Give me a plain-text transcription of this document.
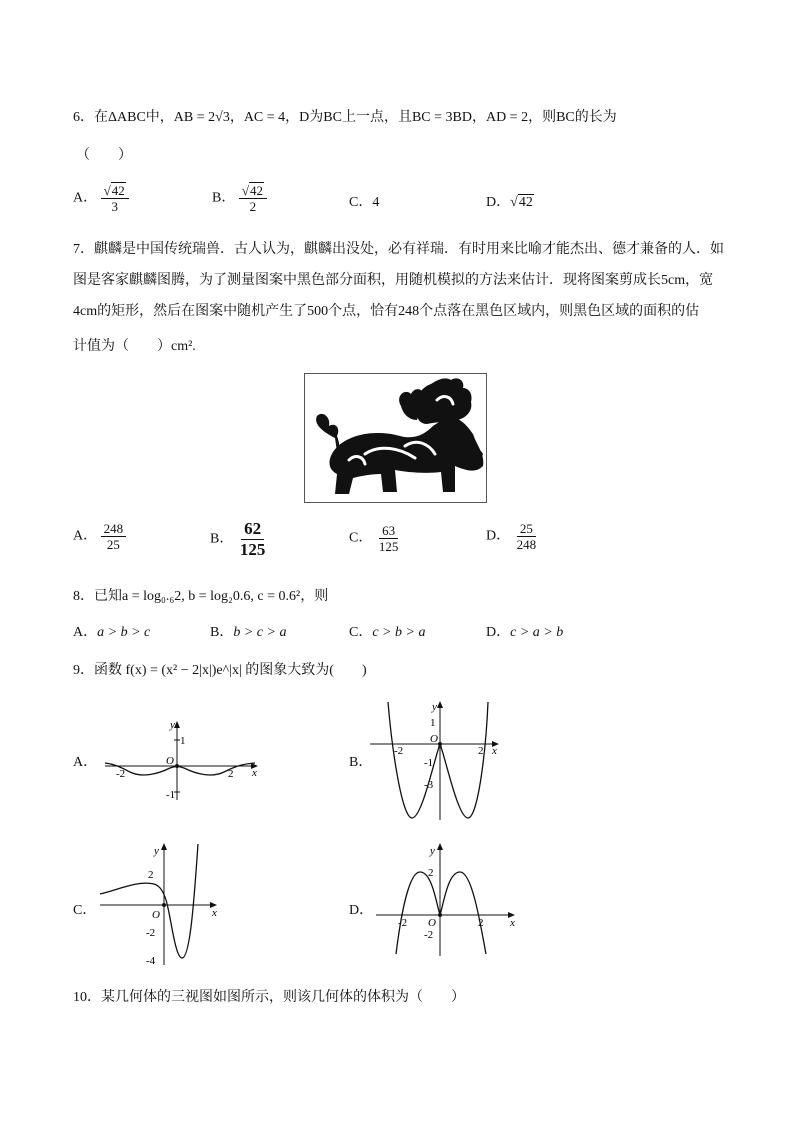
6．在ΔABC中，AB = 2√3，AC = 4，D为BC上一点，且BC = 3BD，AD = 2，则BC的长为
（　　）
A． $\frac{√42}{3}$	B． $\frac{√42}{2}$	C．4	D．√42
7．麒麟是中国传统瑞兽．古人认为，麒麟出没处，必有祥瑞．有时用来比喻才能杰出、德才兼备的人．如
图是客家麒麟图腾，为了测量图案中黑色部分面积，用随机模拟的方法来估计．现将图案剪成长5cm，宽
4cm的矩形，然后在图案中随机产生了500个点，恰有248个点落在黑色区域内，则黑色区域的面积的估
计值为（　　）cm².
A． $\frac{248}{25}$	B． $\frac{62}{125}$	C． $\frac{63}{125}$	D． $\frac{25}{248}$
8．已知a = log₀.₆2, b = log₂0.6, c = 0.6²，则
A．a > b > c	B．b > c > a	C．c > b > a	D．c > a > b
9．函数 f(x) = (x² − 2|x|)e^|x| 的图象大致为(　　)
A．
y
x
O
1
-1
-2	2
B．
y
x
O
1
-1
-3
-2	2
C．
y
x
O
2
-2
-4
D．
y
x
O
2
-2
-2	2
10．某几何体的三视图如图所示，则该几何体的体积为（　　）
